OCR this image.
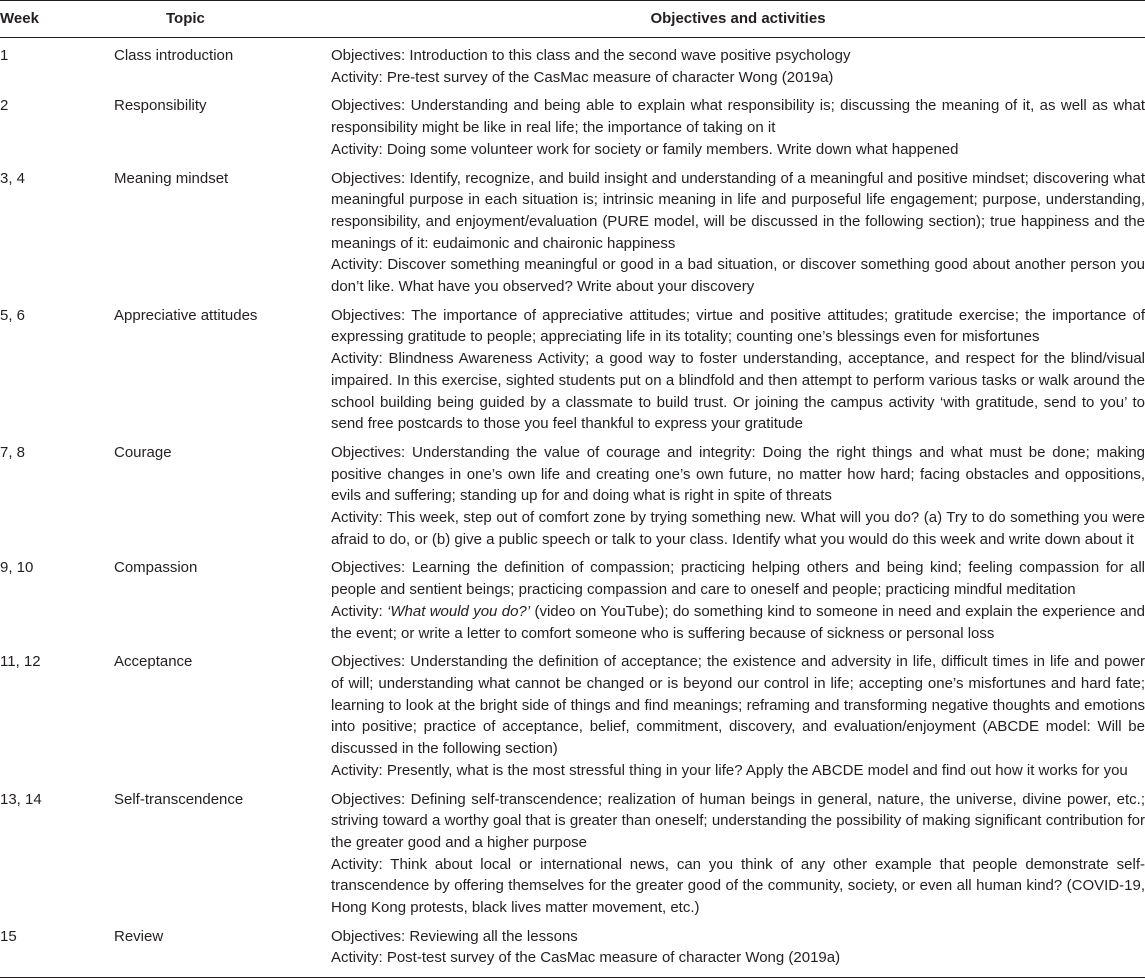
Week	Topic	Objectives and activities
1	Class introduction	Objectives: Introduction to this class and the second wave positive psychology
Activity: Pre-test survey of the CasMac measure of character Wong (2019a)

2	Responsibility	Objectives: Understanding and being able to explain what responsibility is; discussing the meaning of it, as well as what responsibility might be like in real life; the importance of taking on it
Activity: Doing some volunteer work for society or family members. Write down what happened

3, 4	Meaning mindset	Objectives: Identify, recognize, and build insight and understanding of a meaningful and positive mindset; discovering what meaningful purpose in each situation is; intrinsic meaning in life and purposeful life engagement; purpose, understanding, responsibility, and enjoyment/evaluation (PURE model, will be discussed in the following section); true happiness and the meanings of it: eudaimonic and chaironic happiness
Activity: Discover something meaningful or good in a bad situation, or discover something good about another person you don’t like. What have you observed? Write about your discovery

5, 6	Appreciative attitudes	Objectives: The importance of appreciative attitudes; virtue and positive attitudes; gratitude exercise; the importance of expressing gratitude to people; appreciating life in its totality; counting one’s blessings even for misfortunes
Activity: Blindness Awareness Activity; a good way to foster understanding, acceptance, and respect for the blind/visual impaired. In this exercise, sighted students put on a blindfold and then attempt to perform various tasks or walk around the school building being guided by a classmate to build trust. Or joining the campus activity ‘with gratitude, send to you’ to send free postcards to those you feel thankful to express your gratitude

7, 8	Courage	Objectives: Understanding the value of courage and integrity: Doing the right things and what must be done; making positive changes in one’s own life and creating one’s own future, no matter how hard; facing obstacles and oppositions, evils and suffering; standing up for and doing what is right in spite of threats
Activity: This week, step out of comfort zone by trying something new. What will you do? (a) Try to do something you were afraid to do, or (b) give a public speech or talk to your class. Identify what you would do this week and write down about it

9, 10	Compassion	Objectives: Learning the definition of compassion; practicing helping others and being kind; feeling compassion for all people and sentient beings; practicing compassion and care to oneself and people; practicing mindful meditation
Activity: ‘What would you do?’ (video on YouTube); do something kind to someone in need and explain the experience and the event; or write a letter to comfort someone who is suffering because of sickness or personal loss

11, 12	Acceptance	Objectives: Understanding the definition of acceptance; the existence and adversity in life, difficult times in life and power of will; understanding what cannot be changed or is beyond our control in life; accepting one’s misfortunes and hard fate; learning to look at the bright side of things and find meanings; reframing and transforming negative thoughts and emotions into positive; practice of acceptance, belief, commitment, discovery, and evaluation/enjoyment (ABCDE model: Will be discussed in the following section)
Activity: Presently, what is the most stressful thing in your life? Apply the ABCDE model and find out how it works for you

13, 14	Self-transcendence	Objectives: Defining self-transcendence; realization of human beings in general, nature, the universe, divine power, etc.; striving toward a worthy goal that is greater than oneself; understanding the possibility of making significant contribution for the greater good and a higher purpose
Activity: Think about local or international news, can you think of any other example that people demonstrate self-transcendence by offering themselves for the greater good of the community, society, or even all human kind? (COVID-19, Hong Kong protests, black lives matter movement, etc.)

15	Review	Objectives: Reviewing all the lessons
Activity: Post-test survey of the CasMac measure of character Wong (2019a)
